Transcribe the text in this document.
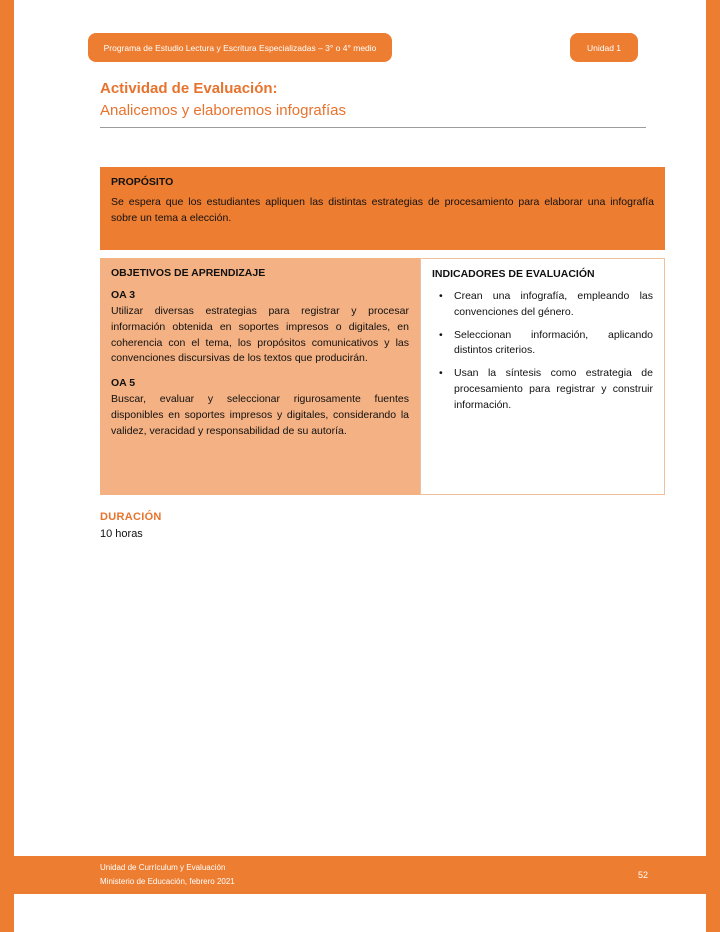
Programa de Estudio Lectura y Escritura Especializadas – 3° o 4° medio	Unidad 1
Actividad de Evaluación:
Analicemos y elaboremos infografías
PROPÓSITO
Se espera que los estudiantes apliquen las distintas estrategias de procesamiento para elaborar una infografía sobre un tema a elección.
OBJETIVOS DE APRENDIZAJE
OA 3
Utilizar diversas estrategias para registrar y procesar información obtenida en soportes impresos o digitales, en coherencia con el tema, los propósitos comunicativos y las convenciones discursivas de los textos que producirán.
OA 5
Buscar, evaluar y seleccionar rigurosamente fuentes disponibles en soportes impresos y digitales, considerando la validez, veracidad y responsabilidad de su autoría.
INDICADORES DE EVALUACIÓN
•	Crean una infografía, empleando las convenciones del género.
•	Seleccionan información, aplicando distintos criterios.
•	Usan la síntesis como estrategia de procesamiento para registrar y construir información.
DURACIÓN
10 horas
Unidad de Currículum y Evaluación
Ministerio de Educación, febrero 2021
52
